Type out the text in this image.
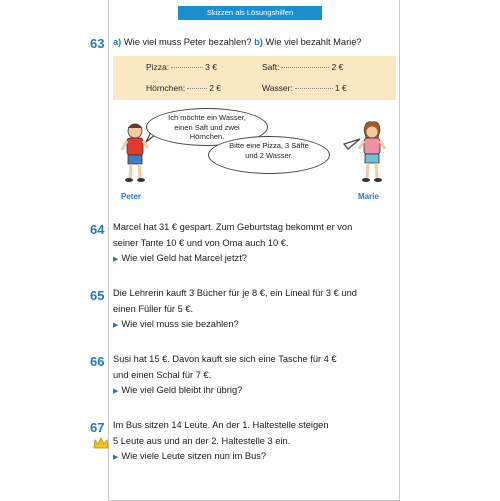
Skizzen als Lösungshilfen
63 a) Wie viel muss Peter bezahlen? b) Wie viel bezahlt Marie?
Pizza:	3 €	Saft:	2 €
Hörnchen:	2 €	Wasser:	1 €
Ich möchte ein Wasser, einen Saft und zwei Hörnchen.
Bitte eine Pizza, 3 Säfte und 2 Wasser.
Peter	Marie
64 Marcel hat 31 € gespart. Zum Geburtstag bekommt er von
seiner Tante 10 € und von Oma auch 10 €.
▶ Wie viel Geld hat Marcel jetzt?
65 Die Lehrerin kauft 3 Bücher für je 8 €, ein Lineal für 3 € und
einen Füller für 5 €.
▶ Wie viel muss sie bezahlen?
66 Susi hat 15 €. Davon kauft sie sich eine Tasche für 4 €
und einen Schal für 7 €.
▶ Wie viel Geld bleibt ihr übrig?
67 Im Bus sitzen 14 Leute. An der 1. Haltestelle steigen
5 Leute aus und an der 2. Haltestelle 3 ein.
▶ Wie viele Leute sitzen nun im Bus?
